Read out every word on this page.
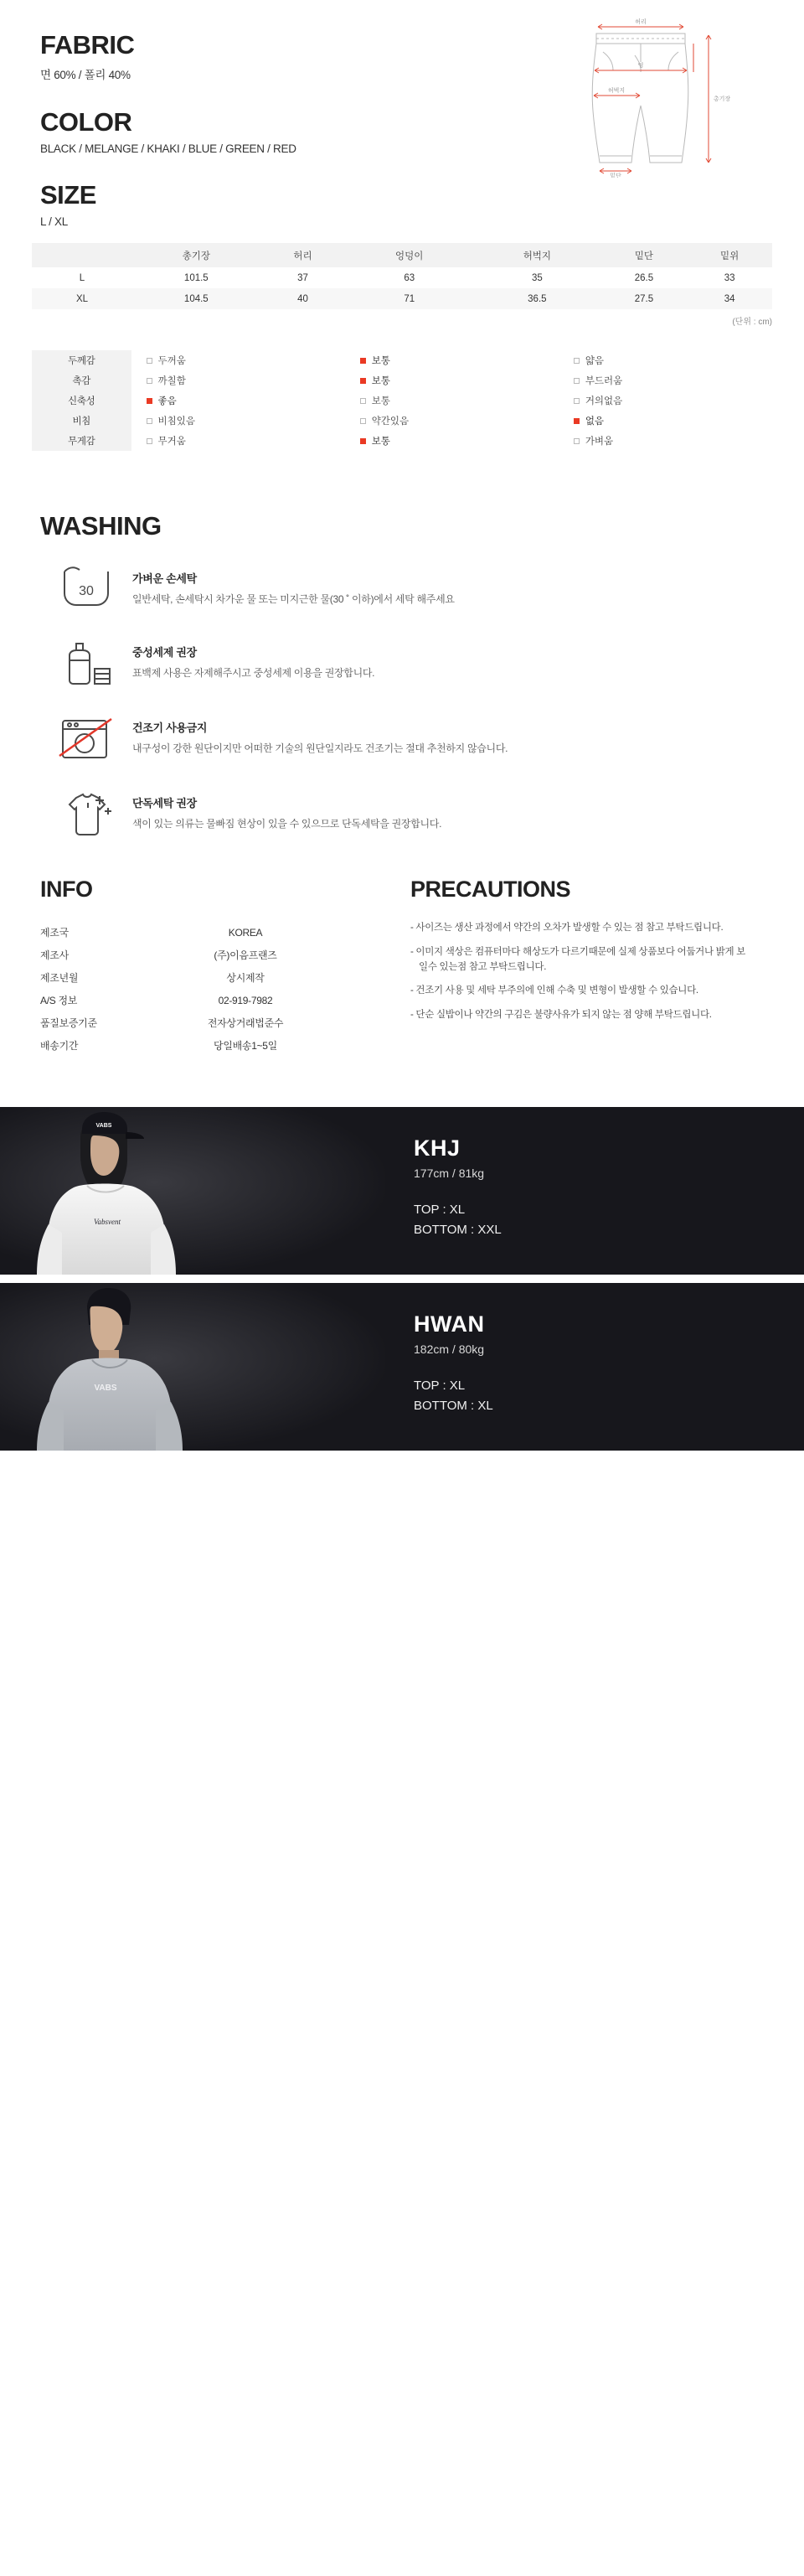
FABRIC

면 60% / 폴리 40%

COLOR

BLACK / MELANGE / KHAKI / BLUE / GREEN / RED

SIZE

L / XL

허리
엉
허벅지
총기장
밑단
	총기장	허리	엉덩이	허벅지	밑단	밑위
L	101.5	37	63	35	26.5	33
XL	104.5	40	71	36.5	27.5	34

(단위 : cm)

두께감	두꺼움	보통	얇음

촉감	까칠함	보통	부드러움

신축성	좋음	보통	거의없음

비침	비침있음	약간있음	없음

무게감	무거움	보통	가벼움
WASHING
30
가벼운 손세탁
일반세탁, 손세탁시 차가운 물 또는 미지근한 물(30 ˚ 이하)에서 세탁 해주세요
중성세제 권장
표백제 사용은 자제해주시고 중성세제 이용을 권장합니다.
건조기 사용금지
내구성이 강한 원단이지만 어떠한 기술의 원단일지라도 건조기는 절대 추천하지 않습니다.
단독세탁 권장
색이 있는 의류는 물빠짐 현상이 있을 수 있으므로 단독세탁을 권장합니다.
INFO
제조국	KOREA
제조사	(주)이음프랜즈
제조년월	상시제작
A/S 정보	02-919-7982
품질보증기준	전자상거래법준수
배송기간	당일배송1~5일
PRECAUTIONS
- 사이즈는 생산 과정에서 약간의 오차가 발생할 수 있는 점 참고 부탁드립니다.
- 이미지 색상은 컴퓨터마다 해상도가 다르기때문에 실제 상품보다 어둡거나 밝게 보일수 있는점 참고 부탁드립니다.
- 건조기 사용 및 세탁 부주의에 인해 수축 및 변형이 발생할 수 있습니다.
- 단순 실밥이나 약간의 구김은 불량사유가 되지 않는 점 양해 부탁드립니다.
VABS
Vabsvent
KHJ
177cm / 81kg
TOP : XL
BOTTOM : XXL
VABS
HWAN
182cm / 80kg
TOP : XL
BOTTOM : XL
